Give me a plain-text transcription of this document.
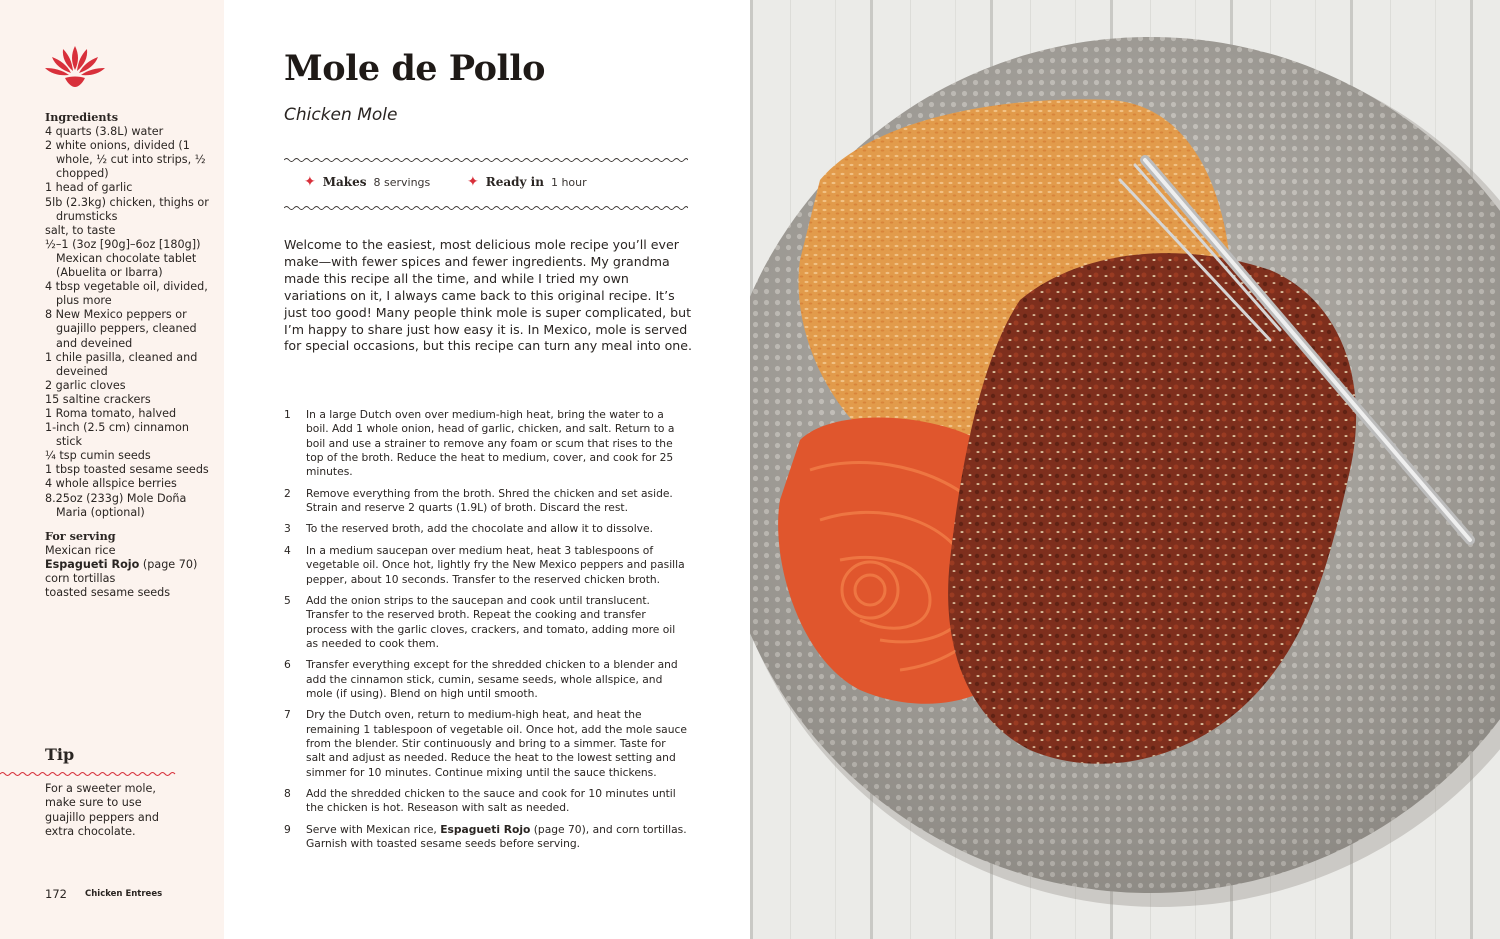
Ingredients
4 quarts (3.8L) water
2 white onions, divided (1 whole, ½ cut into strips, ½ chopped)
1 head of garlic
5lb (2.3kg) chicken, thighs or drumsticks
salt, to taste
½–1 (3oz [90g]–6oz [180g]) Mexican chocolate tablet (Abuelita or Ibarra)
4 tbsp vegetable oil, divided, plus more
8 New Mexico peppers or guajillo peppers, cleaned and deveined
1 chile pasilla, cleaned and deveined
2 garlic cloves
15 saltine crackers
1 Roma tomato, halved
1-inch (2.5 cm) cinnamon stick
¼ tsp cumin seeds
1 tbsp toasted sesame seeds
4 whole allspice berries
8.25oz (233g) Mole Doña Maria (optional)
For serving
Mexican rice
Espagueti Rojo (page 70)
corn tortillas
toasted sesame seeds
Tip
For a sweeter mole, make sure to use guajillo peppers and extra chocolate.
172 Chicken Entrees
Mole de Pollo
Chicken Mole
✦ Makes 8 servings	✦ Ready in 1 hour
Welcome to the easiest, most delicious mole recipe you’ll ever make—with fewer spices and fewer ingredients. My grandma made this recipe all the time, and while I tried my own variations on it, I always came back to this original recipe. It’s just too good! Many people think mole is super complicated, but I’m happy to share just how easy it is. In Mexico, mole is served for special occasions, but this recipe can turn any meal into one.
1	In a large Dutch oven over medium-high heat, bring the water to a boil. Add 1 whole onion, head of garlic, chicken, and salt. Return to a boil and use a strainer to remove any foam or scum that rises to the top of the broth. Reduce the heat to medium, cover, and cook for 25 minutes.
2	Remove everything from the broth. Shred the chicken and set aside. Strain and reserve 2 quarts (1.9L) of broth. Discard the rest.
3	To the reserved broth, add the chocolate and allow it to dissolve.
4	In a medium saucepan over medium heat, heat 3 tablespoons of vegetable oil. Once hot, lightly fry the New Mexico peppers and pasilla pepper, about 10 seconds. Transfer to the reserved chicken broth.
5	Add the onion strips to the saucepan and cook until translucent. Transfer to the reserved broth. Repeat the cooking and transfer process with the garlic cloves, crackers, and tomato, adding more oil as needed to cook them.
6	Transfer everything except for the shredded chicken to a blender and add the cinnamon stick, cumin, sesame seeds, whole allspice, and mole (if using). Blend on high until smooth.
7	Dry the Dutch oven, return to medium-high heat, and heat the remaining 1 tablespoon of vegetable oil. Once hot, add the mole sauce from the blender. Stir continuously and bring to a simmer. Taste for salt and adjust as needed. Reduce the heat to the lowest setting and simmer for 10 minutes. Continue mixing until the sauce thickens.
8	Add the shredded chicken to the sauce and cook for 10 minutes until the chicken is hot. Reseason with salt as needed.
9	Serve with Mexican rice, Espagueti Rojo (page 70), and corn tortillas. Garnish with toasted sesame seeds before serving.
